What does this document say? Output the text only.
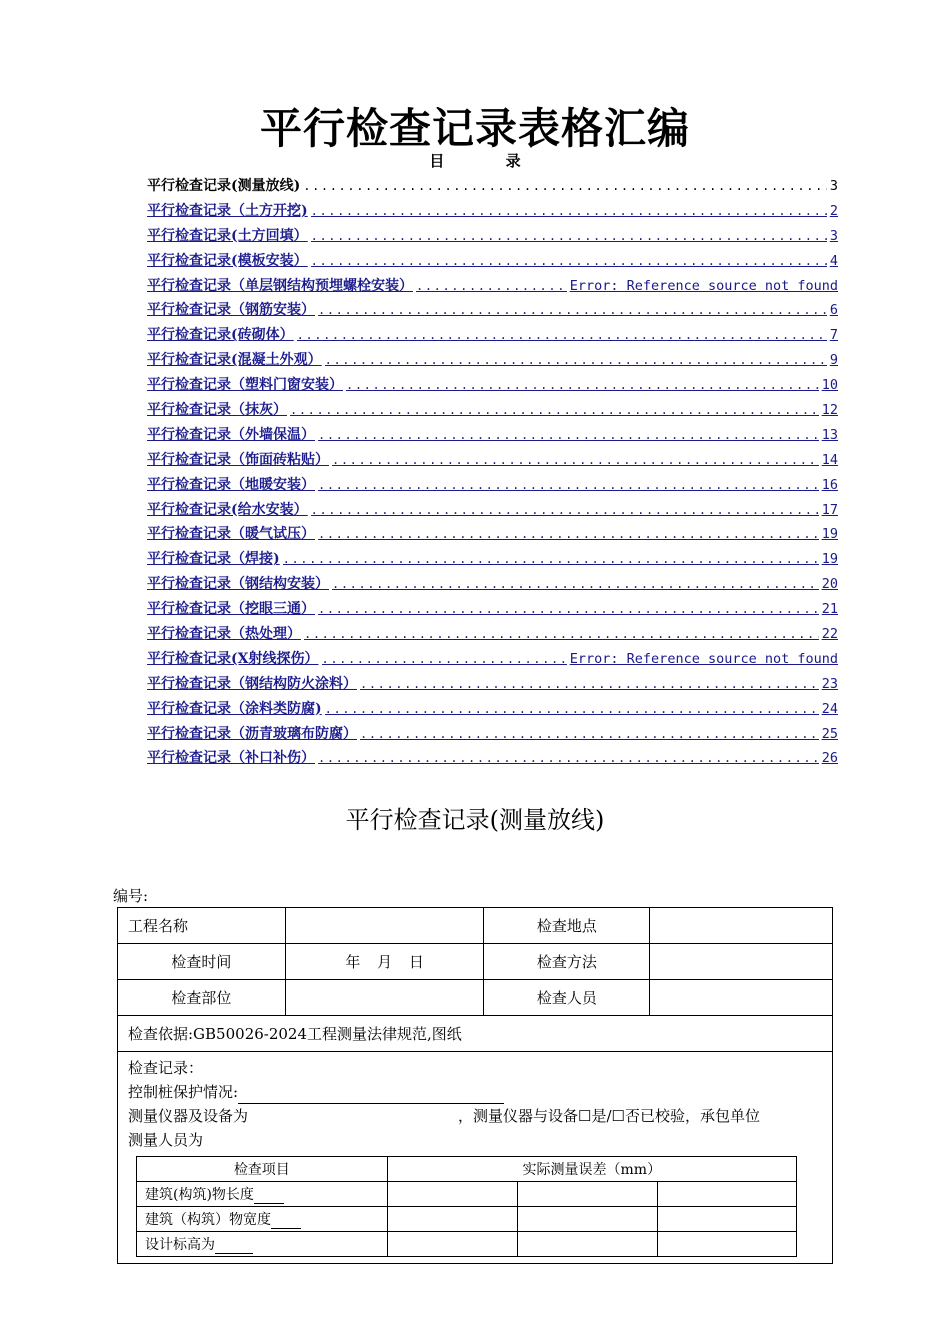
平行检查记录表格汇编
目 录
平行检查记录(测量放线) .....	3
平行检查记录（土方开挖) .....	2
平行检查记录(土方回填） .....	3
平行检查记录(模板安装） .....	4
平行检查记录（单层钢结构预埋螺栓安装） .....	Error: Reference source not found
平行检查记录（钢筋安装） .....	6
平行检查记录(砖砌体） .....	7
平行检查记录(混凝土外观） .....	9
平行检查记录（塑料门窗安装） .....	10
平行检查记录（抹灰） .....	12
平行检查记录（外墙保温） .....	13
平行检查记录（饰面砖粘贴） .....	14
平行检查记录（地暖安装） .....	16
平行检查记录(给水安装） .....	17
平行检查记录（暖气试压） .....	19
平行检查记录（焊接) .....	19
平行检查记录（钢结构安装） .....	20
平行检查记录（挖眼三通） .....	21
平行检查记录（热处理） .....	22
平行检查记录(X射线探伤） .....	Error: Reference source not found
平行检查记录（钢结构防火涂料） .....	23
平行检查记录（涂料类防腐) .....	24
平行检查记录（沥青玻璃布防腐） .....	25
平行检查记录（补口补伤） .....	26
平行检查记录(测量放线)
编号:
工程名称		检查地点	
检查时间	年 月 日	检查方法	
检查部位		检查人员	
检查依据:GB50026-2024工程测量法律规范,图纸

检查记录：
控制桩保护情况:
测量仪器及设备为	，测量仪器与设备☐是/☐否已校验，承包单位
测量人员为
检查项目	实际测量误差（mm）
建筑(构筑)物长度			
建筑（构筑）物宽度			
设计标高为			
